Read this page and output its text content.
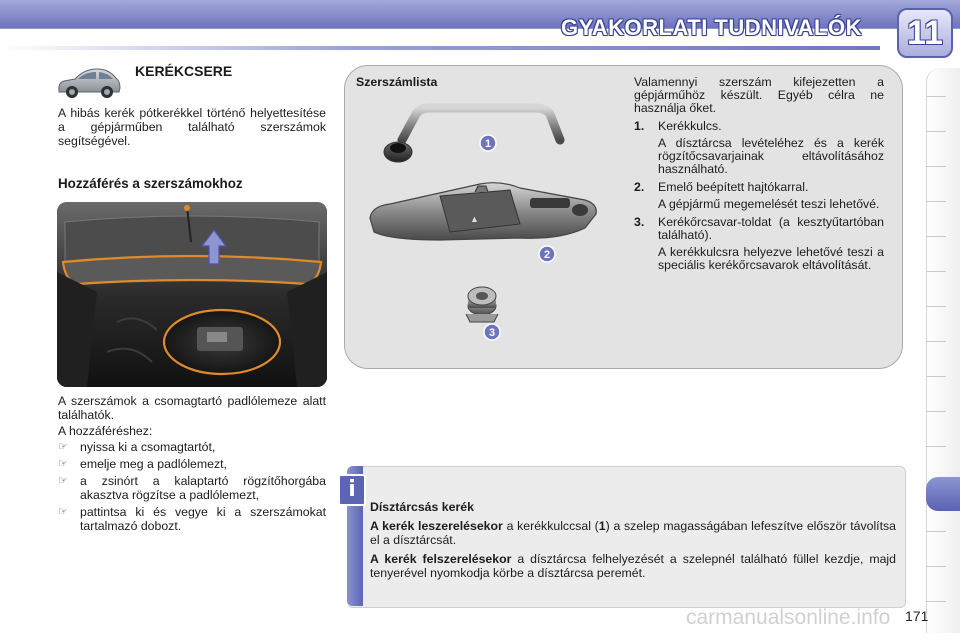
GYAKORLATI TUDNIVALÓK 11
KERÉKCSERE
A hibás kerék pótkerékkel történő helyettesítése a gépjárműben található szerszámok segítségével.
Hozzáférés a szerszámokhoz
A szerszámok a csomagtartó padlólemeze alatt találhatók.
A hozzáféréshez:
☞ nyissa ki a csomagtartót,
☞ emelje meg a padlólemezt,
☞ a zsinórt a kalaptartó rögzítőhorgába akasztva rögzítse a padlólemezt,
☞ pattintsa ki és vegye ki a szerszámokat tartalmazó dobozt.
Szerszámlista
▲
1
2
3
Valamennyi szerszám kifejezetten a gépjárműhöz készült. Egyéb célra ne használja őket.
1. Kerékkulcs.
A dísztárcsa levételéhez és a kerék rögzítőcsavarjainak eltávolításához használható.
2. Emelő beépített hajtókarral.
A gépjármű megemelését teszi lehetővé.
3. Kerékőrcsavar-toldat (a kesztyűtartóban található).
A kerékkulcsra helyezve lehetővé teszi a speciális kerékőrcsavarok eltávolítását.
i
Dísztárcsás kerék

A kerék leszerelésekor a kerékkulccsal (1) a szelep magasságában lefeszítve először távolítsa el a dísztárcsát.

A kerék felszerelésekor a dísztárcsa felhelyezését a szelepnél található füllel kezdje, majd tenyerével nyomkodja körbe a dísztárcsa peremét.

carmanualsonline.info 171
